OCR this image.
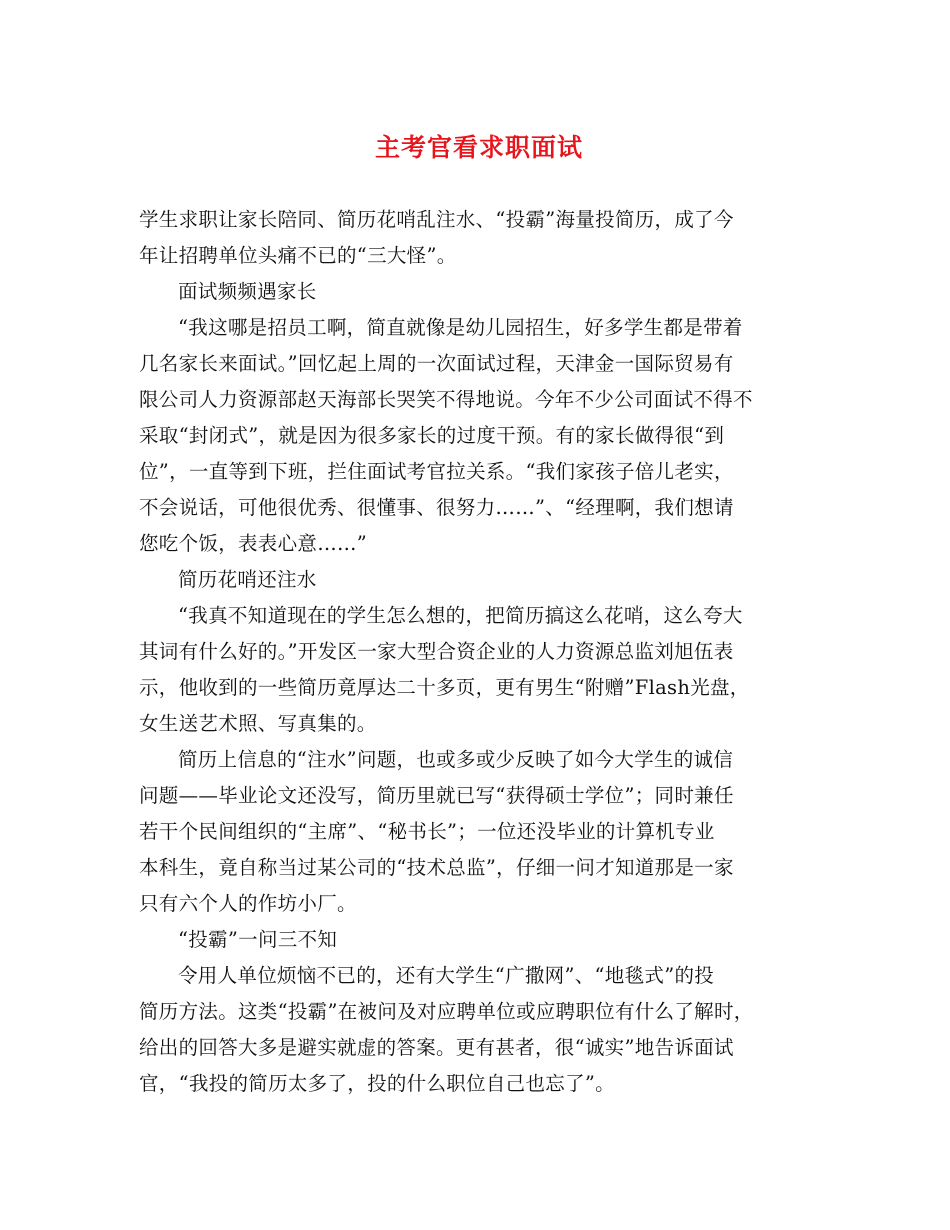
主考官看求职面试
学生求职让家长陪同、简历花哨乱注水、“投霸”海量投简历，成了今
年让招聘单位头痛不已的“三大怪”。
面试频频遇家长
“我这哪是招员工啊，简直就像是幼儿园招生，好多学生都是带着
几名家长来面试。”回忆起上周的一次面试过程，天津金一国际贸易有
限公司人力资源部赵天海部长哭笑不得地说。今年不少公司面试不得不
采取“封闭式”，就是因为很多家长的过度干预。有的家长做得很“到
位”，一直等到下班，拦住面试考官拉关系。“我们家孩子倍儿老实，
不会说话，可他很优秀、很懂事、很努力……”、“经理啊，我们想请
您吃个饭，表表心意……”
简历花哨还注水
“我真不知道现在的学生怎么想的，把简历搞这么花哨，这么夸大
其词有什么好的。”开发区一家大型合资企业的人力资源总监刘旭伍表
示，他收到的一些简历竟厚达二十多页，更有男生“附赠”Flash光盘，
女生送艺术照、写真集的。
简历上信息的“注水”问题，也或多或少反映了如今大学生的诚信
问题——毕业论文还没写，简历里就已写“获得硕士学位”；同时兼任
若干个民间组织的“主席”、“秘书长”；一位还没毕业的计算机专业
本科生，竟自称当过某公司的“技术总监”，仔细一问才知道那是一家
只有六个人的作坊小厂。
“投霸”一问三不知
令用人单位烦恼不已的，还有大学生“广撒网”、“地毯式”的投
简历方法。这类“投霸”在被问及对应聘单位或应聘职位有什么了解时，
给出的回答大多是避实就虚的答案。更有甚者，很“诚实”地告诉面试
官，“我投的简历太多了，投的什么职位自己也忘了”。
